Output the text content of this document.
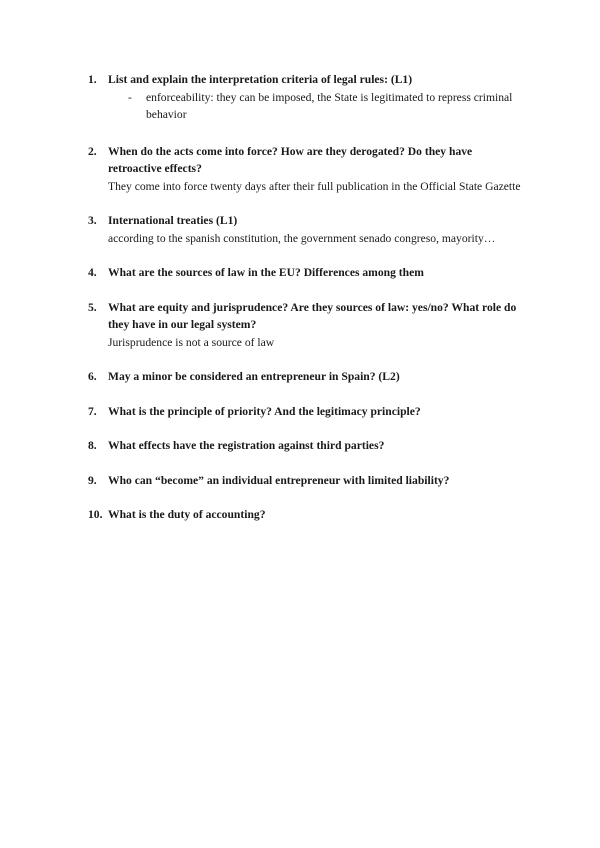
1. List and explain the interpretation criteria of legal rules: (L1)
- enforceability: they can be imposed, the State is legitimated to repress criminal behavior
2. When do the acts come into force? How are they derogated? Do they have retroactive effects?
They come into force twenty days after their full publication in the Official State Gazette
3. International treaties (L1)
according to the spanish constitution, the government senado congreso, mayority…
4. What are the sources of law in the EU? Differences among them
5. What are equity and jurisprudence? Are they sources of law: yes/no? What role do they have in our legal system?
Jurisprudence is not a source of law
6. May a minor be considered an entrepreneur in Spain? (L2)
7. What is the principle of priority? And the legitimacy principle?
8. What effects have the registration against third parties?
9. Who can “become” an individual entrepreneur with limited liability?
10. What is the duty of accounting?
